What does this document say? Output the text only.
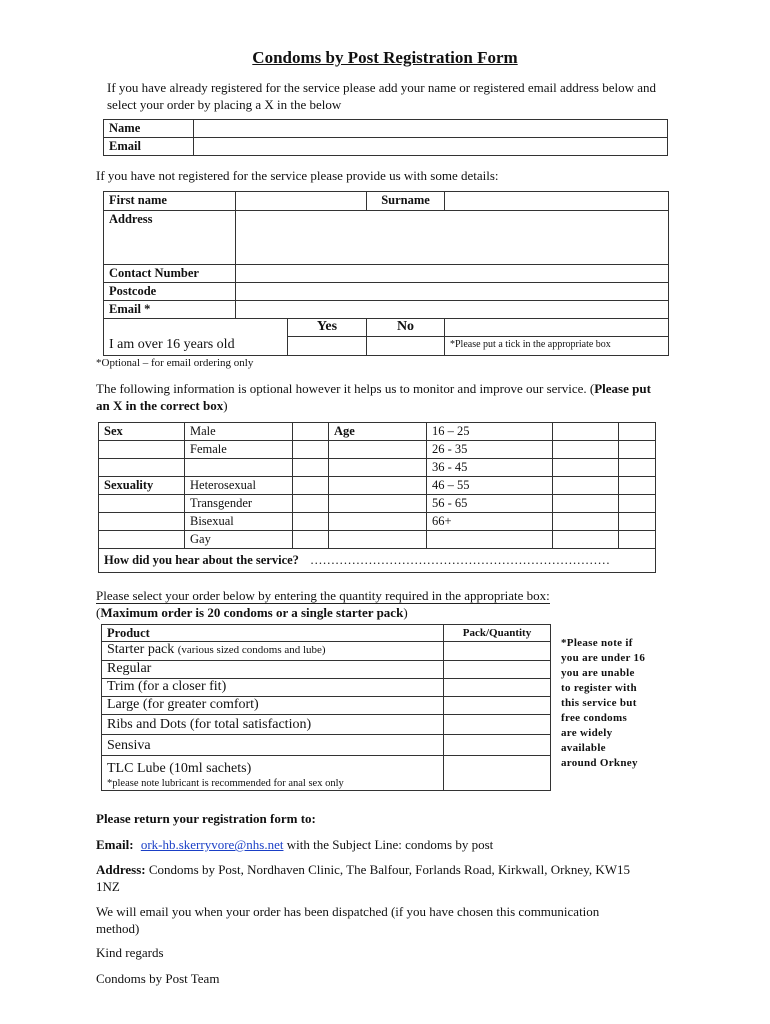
Condoms by Post Registration Form
If you have already registered for the service please add your name or registered email address below and select your order by placing a X in the below
Name	
Email	
If you have not registered for the service please provide us with some details:
First name			Surname	
Address				
Contact Number				
Postcode				
Email *				
		Yes	No	
I am over 16 years old				*Please put a tick in the appropriate box
*Optional – for email ordering only
The following information is optional however it helps us to monitor and improve our service. (Please put an X in the correct box)
Sex	Male		Age	16 – 25		
	Female			26 - 35		
				36 - 45		
Sexuality	Heterosexual			46 – 55		
	Transgender			56 - 65		
	Bisexual			66+		
	Gay					
How did you hear about the service? ………………………………………………………………						
Please select your order below by entering the quantity required in the appropriate box:
(Maximum order is 20 condoms or a single starter pack)
Product	Pack/Quantity
Starter pack (various sized condoms and lube)	
Regular	
Trim (for a closer fit)	
Large (for greater comfort)	
Ribs and Dots (for total satisfaction)	
Sensiva	

TLC Lube (10ml sachets)
*please note lubricant is recommended for anal sex only	

*Please note if
you are under 16
you are unable
to register with
this service but
free condoms
are widely
available
around Orkney
Please return your registration form to:
Email: ork-hb.skerryvore@nhs.net with the Subject Line: condoms by post
Address: Condoms by Post, Nordhaven Clinic, The Balfour, Forlands Road, Kirkwall, Orkney, KW15 1NZ
We will email you when your order has been dispatched (if you have chosen this communication method)
Kind regards
Condoms by Post Team
